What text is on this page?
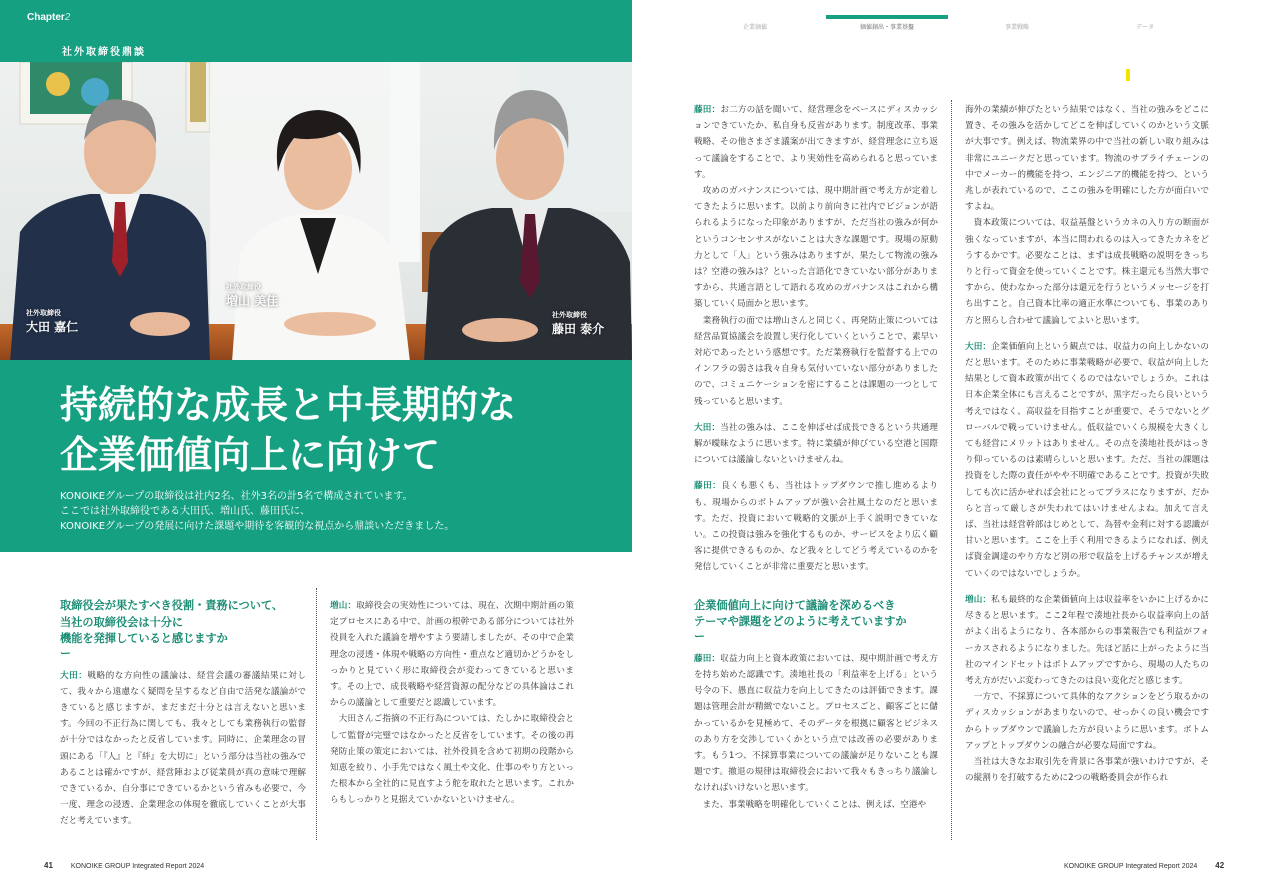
Chapter2
社外取締役鼎談
社外取締役
大田 嘉仁
社外取締役
増山 美佳
社外取締役
藤田 泰介
持続的な成長と中長期的な
企業価値向上に向けて
KONOIKEグループの取締役は社内2名、社外3名の計5名で構成されています。
ここでは社外取締役である大田氏、増山氏、藤田氏に、
KONOIKEグループの発展に向けた課題や期待を客観的な視点から鼎談いただきました。
取締役会が果たすべき役割・責務について、
当社の取締役会は十分に
機能を発揮していると感じますか
ー

大田：戦略的な方向性の議論は、経営会議の審議結果に対して、我々から遠慮なく疑問を呈するなど自由で活発な議論ができていると感じますが、まだまだ十分とは言えないと思います。今回の不正行為に関しても、我々としても業務執行の監督が十分ではなかったと反省しています。同時に、企業理念の冒頭にある「『人』と『絆』を大切に」という部分は当社の強みであることは確かですが、経営陣および従業員が真の意味で理解できているか、自分事にできているかという省みも必要で、今一度、理念の浸透、企業理念の体現を徹底していくことが大事だと考えています。

増山：取締役会の実効性については、現在、次期中期計画の策定プロセスにある中で、計画の根幹である部分については社外役員を入れた議論を増やすよう要請しましたが、その中で企業理念の浸透・体現や戦略の方向性・重点など適切かどうかをしっかりと見ていく形に取締役会が変わってきていると思います。その上で、成長戦略や経営資源の配分などの具体論はこれからの議論として重要だと認識しています。

　大田さんご指摘の不正行為については、たしかに取締役会として監督が完璧ではなかったと反省をしています。その後の再発防止策の策定においては、社外役員を含めて初期の段階から知恵を絞り、小手先ではなく風土や文化、仕事のやり方といった根本から全社的に見直すよう舵を取れたと思います。これからもしっかりと見据えていかないといけません。

41	KONOIKE GROUP Integrated Report 2024
企業価値	価値創出・事業基盤	事業戦略	データ

藤田：お二方の話を聞いて、経営理念をベースにディスカッションできていたか、私自身も反省があります。制度改革、事業戦略、その他さまざま議案が出てきますが、経営理念に立ち返って議論をすることで、より実効性を高められると思っています。

　攻めのガバナンスについては、現中期計画で考え方が定着してきたように思います。以前より前向きに社内でビジョンが語られるようになった印象がありますが、ただ当社の強みが何かというコンセンサスがないことは大きな課題です。現場の原動力として「人」という強みはありますが、果たして物流の強みは？空港の強みは？といった言語化できていない部分がありますから、共通言語として語れる攻めのガバナンスはこれから構築していく局面かと思います。

　業務執行の面では増山さんと同じく、再発防止策については経営品質協議会を設置し実行化していくということで、素早い対応であったという感想です。ただ業務執行を監督する上でのインフラの弱さは我々自身も気付いていない部分がありましたので、コミュニケーションを密にすることは課題の一つとして残っていると思います。

大田：当社の強みは、ここを伸ばせば成長できるという共通理解が曖昧なように思います。特に業績が伸びている空港と国際については議論しないといけませんね。

藤田：良くも悪くも、当社はトップダウンで推し進めるよりも、現場からのボトムアップが強い会社風土なのだと思います。ただ、投資において戦略的文脈が上手く説明できていない。この投資は強みを強化するものか、サービスをより広く顧客に提供できるものか、など我々としてどう考えているのかを発信していくことが非常に重要だと思います。

企業価値向上に向けて議論を深めるべき
テーマや課題をどのように考えていますか
ー

藤田：収益力向上と資本政策においては、現中期計画で考え方を持ち始めた認識です。湊地社長の「利益率を上げる」という号令の下、愚直に収益力を向上してきたのは評価できます。課題は管理会計が精緻でないこと。プロセスごと、顧客ごとに儲かっているかを見極めて、そのデータを根拠に顧客とビジネスのあり方を交渉していくかという点では改善の必要があります。もう1つ、不採算事業についての議論が足りないことも課題です。撤退の規律は取締役会において我々もきっちり議論しなければいけないと思います。

　また、事業戦略を明確化していくことは、例えば、空港や

海外の業績が伸びたという結果ではなく、当社の強みをどこに置き、その強みを活かしてどこを伸ばしていくのかという文脈が大事です。例えば、物流業界の中で当社の新しい取り組みは非常にユニークだと思っています。物流のサプライチェーンの中でメーカー的機能を持つ、エンジニア的機能を持つ、という兆しが表れているので、ここの強みを明確にした方が面白いですよね。

　資本政策については、収益基盤というカネの入り方の断面が強くなっていますが、本当に問われるのは入ってきたカネをどうするかです。必要なことは、まずは成長戦略の説明をきっちりと行って資金を使っていくことです。株主還元も当然大事ですから、使わなかった部分は還元を行うというメッセージを打ち出すこと。自己資本比率の適正水準についても、事業のあり方と照らし合わせて議論してよいと思います。

大田：企業価値向上という観点では、収益力の向上しかないのだと思います。そのために事業戦略が必要で、収益が向上した結果として資本政策が出てくるのではないでしょうか。これは日本企業全体にも言えることですが、黒字だったら良いという考えではなく、高収益を目指すことが重要で、そうでないとグローバルで戦っていけません。低収益でいくら規模を大きくしても経営にメリットはありません。その点を湊地社長がはっきり仰っているのは素晴らしいと思います。ただ、当社の課題は投資をした際の責任がやや不明確であることです。投資が失敗しても次に活かせれば会社にとってプラスになりますが、だからと言って厳しさが失われてはいけませんよね。加えて言えば、当社は経営幹部はじめとして、為替や金利に対する認識が甘いと思います。ここを上手く利用できるようになれば、例えば資金調達のやり方など別の形で収益を上げるチャンスが増えていくのではないでしょうか。

増山：私も最終的な企業価値向上は収益率をいかに上げるかに尽きると思います。ここ2年程で湊地社長から収益率向上の話がよく出るようになり、各本部からの事業報告でも利益がフォーカスされるようになりました。先ほど話に上がったように当社のマインドセットはボトムアップですから、現場の人たちの考え方がだいぶ変わってきたのは良い変化だと感じます。

　一方で、不採算について具体的なアクションをどう取るかのディスカッションがあまりないので、せっかくの良い機会ですからトップダウンで議論した方が良いように思います。ボトムアップとトップダウンの融合が必要な局面ですね。

　当社は大きなお取引先を背景に各事業が強いわけですが、その縦割りを打破するために2つの戦略委員会が作られ

KONOIKE GROUP Integrated Report 2024 42
